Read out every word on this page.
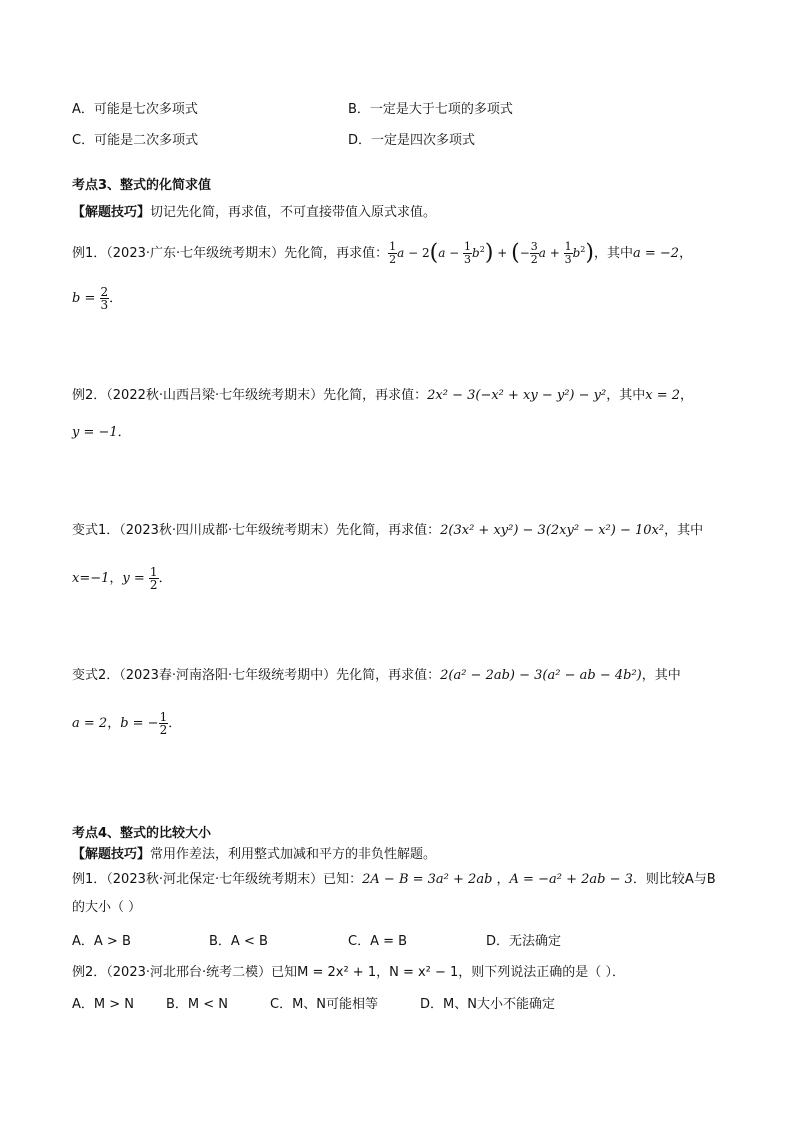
A．可能是七次多项式	B．一定是大于七项的多项式
C．可能是二次多项式	D．一定是四次多项式
考点3、整式的化简求值
【解题技巧】切记先化简，再求值，不可直接带值入原式求值。
例1．（2023·广东·七年级统考期末）先化简，再求值： $\frac{1}{2}$ $a - 2(a - \frac{1}{3} b^2)$ + (− $\frac{3}{2}$ $a + \frac{1}{3} b^2$)，其中a = −2，
$b = \frac{2}{3}$ ．
例2．（2022秋·山西吕梁·七年级统考期末）先化简，再求值：2x² − 3(−x² + xy − y²) − y²，其中x = 2，
y = −1．
变式1．（2023秋·四川成都·七年级统考期末）先化简，再求值：2(3x² + xy²) − 3(2xy² − x²) − 10x²，其中
x=−1，$y = \frac{1}{2}$ ．
变式2．（2023春·河南洛阳·七年级统考期中）先化简，再求值：2(a² − 2ab) − 3(a² − ab − 4b²)，其中
a = 2，b = − $\frac{1}{2}$ ．
考点4、整式的比较大小
【解题技巧】常用作差法，利用整式加减和平方的非负性解题。
例1．（2023秋·河北保定·七年级统考期末）已知：2A − B = 3a² + 2ab ，A = −a² + 2ab − 3．则比较A与B
的大小（ ）
A．A > B	B．A < B	C．A = B	D．无法确定
例2．（2023·河北邢台·统考二模）已知M = 2x² + 1，N = x² − 1，则下列说法正确的是（ ）．
A．M > N B．M < N	C．M、N可能相等	D．M、N大小不能确定
